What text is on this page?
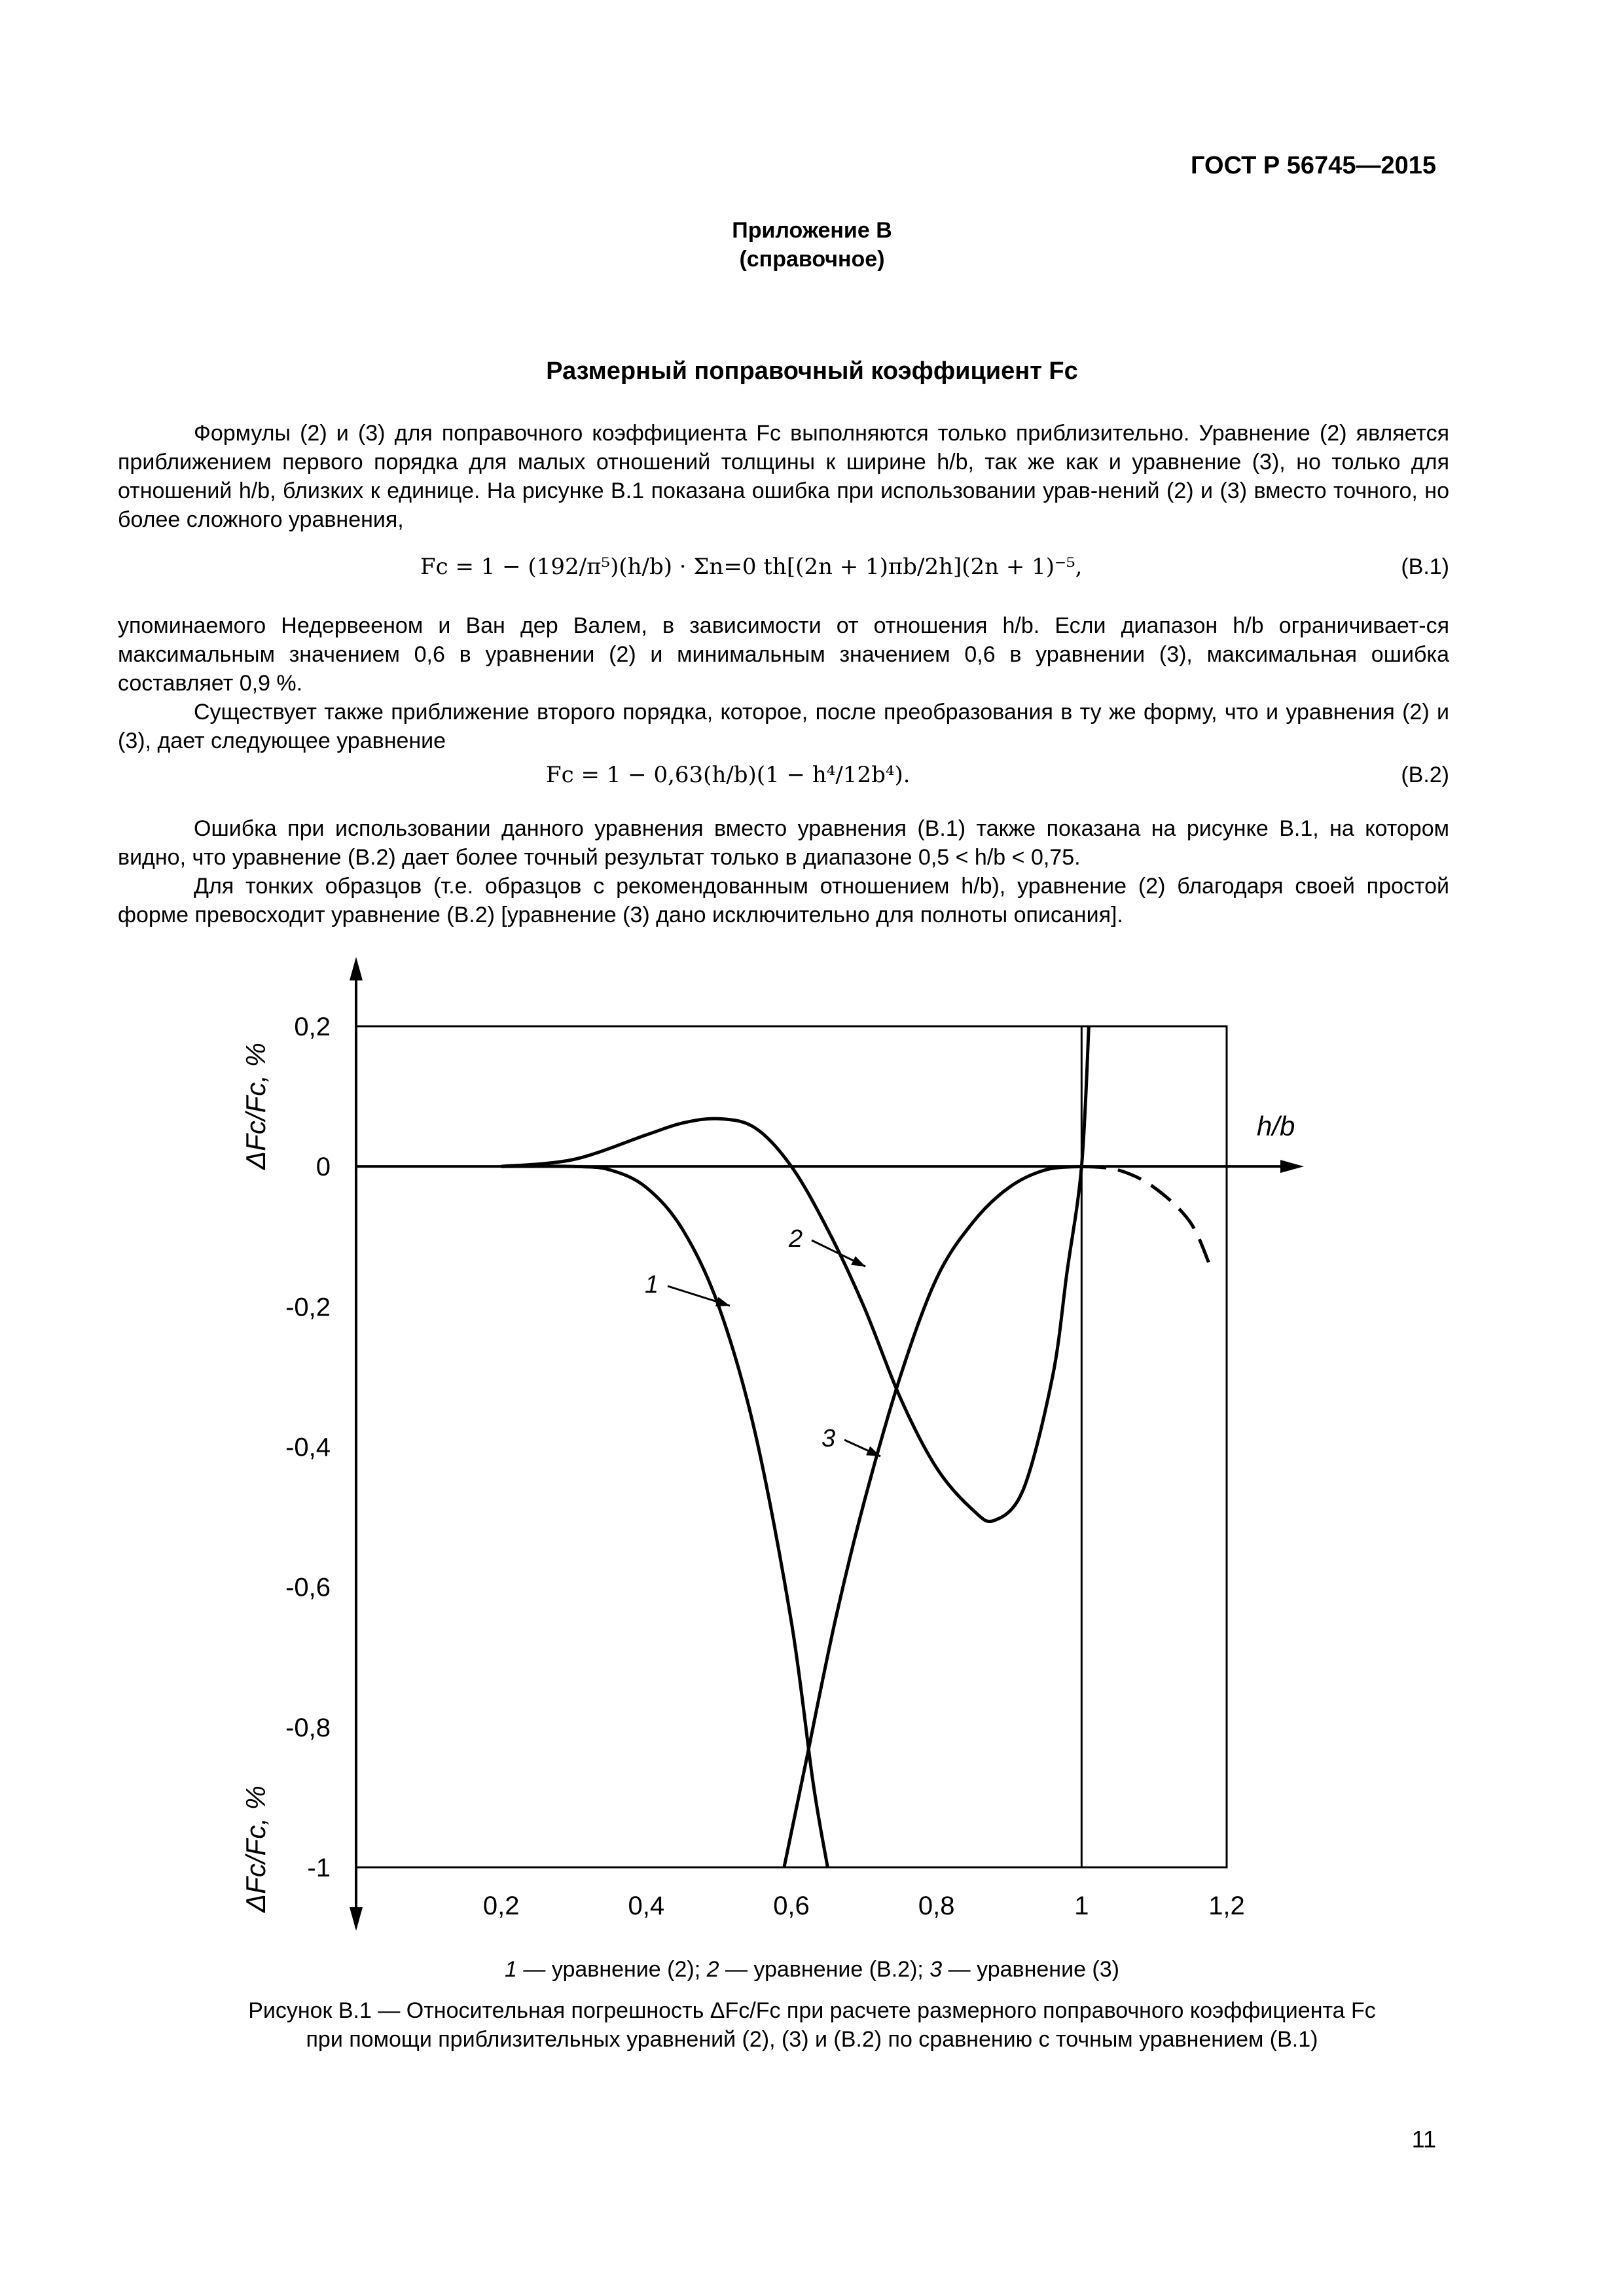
ГОСТ Р 56745—2015
Приложение В
(справочное)
Размерный поправочный коэффициент Fc
Формулы (2) и (3) для поправочного коэффициента Fc выполняются только приблизительно. Уравнение (2) является приближением первого порядка для малых отношений толщины к ширине h/b, так же как и уравнение (3), но только для отношений h/b, близких к единице. На рисунке В.1 показана ошибка при использовании урав-нений (2) и (3) вместо точного, но более сложного уравнения,
Fc = 1 − (192/π⁵)(h/b) · Σn=0 th[(2n + 1)πb/2h](2n + 1)⁻⁵,	(В.1)
упоминаемого Недервееном и Ван дер Валем, в зависимости от отношения h/b. Если диапазон h/b ограничивает-ся максимальным значением 0,6 в уравнении (2) и минимальным значением 0,6 в уравнении (3), максимальная ошибка составляет 0,9 %.
Существует также приближение второго порядка, которое, после преобразования в ту же форму, что и уравнения (2) и (3), дает следующее уравнение
Fc = 1 − 0,63(h/b)(1 − h⁴/12b⁴).	(В.2)
Ошибка при использовании данного уравнения вместо уравнения (В.1) также показана на рисунке В.1, на котором видно, что уравнение (В.2) дает более точный результат только в диапазоне 0,5 < h/b < 0,75.
Для тонких образцов (т.е. образцов с рекомендованным отношением h/b), уравнение (2) благодаря своей простой форме превосходит уравнение (В.2) [уравнение (3) дано исключительно для полноты описания].
h/b
ΔFc/Fc, %
ΔFc/Fc, %	0,2	0,4	0,6	0,8	1	1,2
0,2
0
-0,2
-0,4
-0,6
-0,8
-1
1
2
3
1 — уравнение (2); 2 — уравнение (В.2); 3 — уравнение (3)
Рисунок В.1 — Относительная погрешность ΔFc/Fc при расчете размерного поправочного коэффициента Fc
при помощи приблизительных уравнений (2), (3) и (В.2) по сравнению с точным уравнением (В.1)
11
